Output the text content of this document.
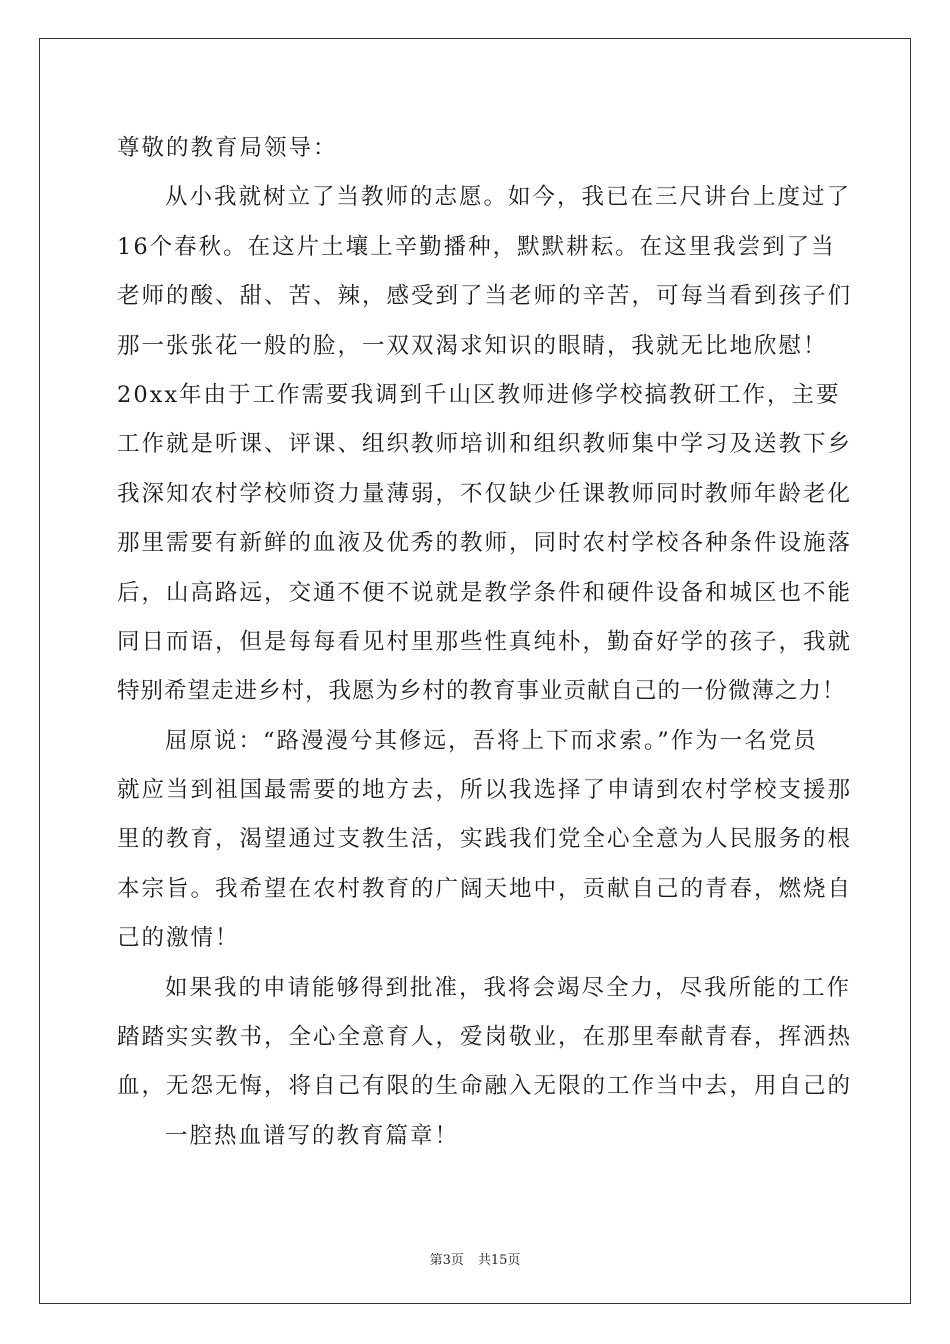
尊敬的教育局领导：
从小我就树立了当教师的志愿。如今，我已在三尺讲台上度过了
16个春秋。在这片土壤上辛勤播种，默默耕耘。在这里我尝到了当
老师的酸、甜、苦、辣，感受到了当老师的辛苦，可每当看到孩子们
那一张张花一般的脸，一双双渴求知识的眼睛，我就无比地欣慰！
20xx年由于工作需要我调到千山区教师进修学校搞教研工作，主要
工作就是听课、评课、组织教师培训和组织教师集中学习及送教下乡
我深知农村学校师资力量薄弱，不仅缺少任课教师同时教师年龄老化
那里需要有新鲜的血液及优秀的教师，同时农村学校各种条件设施落
后，山高路远，交通不便不说就是教学条件和硬件设备和城区也不能
同日而语，但是每每看见村里那些性真纯朴，勤奋好学的孩子，我就
特别希望走进乡村，我愿为乡村的教育事业贡献自己的一份微薄之力！
屈原说：“路漫漫兮其修远，吾将上下而求索。”作为一名党员
就应当到祖国最需要的地方去，所以我选择了申请到农村学校支援那
里的教育，渴望通过支教生活，实践我们党全心全意为人民服务的根
本宗旨。我希望在农村教育的广阔天地中，贡献自己的青春，燃烧自
己的激情！
如果我的申请能够得到批准，我将会竭尽全力，尽我所能的工作
踏踏实实教书，全心全意育人，爱岗敬业，在那里奉献青春，挥洒热
血，无怨无悔，将自己有限的生命融入无限的工作当中去，用自己的
一腔热血谱写的教育篇章！
第3页 共15页
